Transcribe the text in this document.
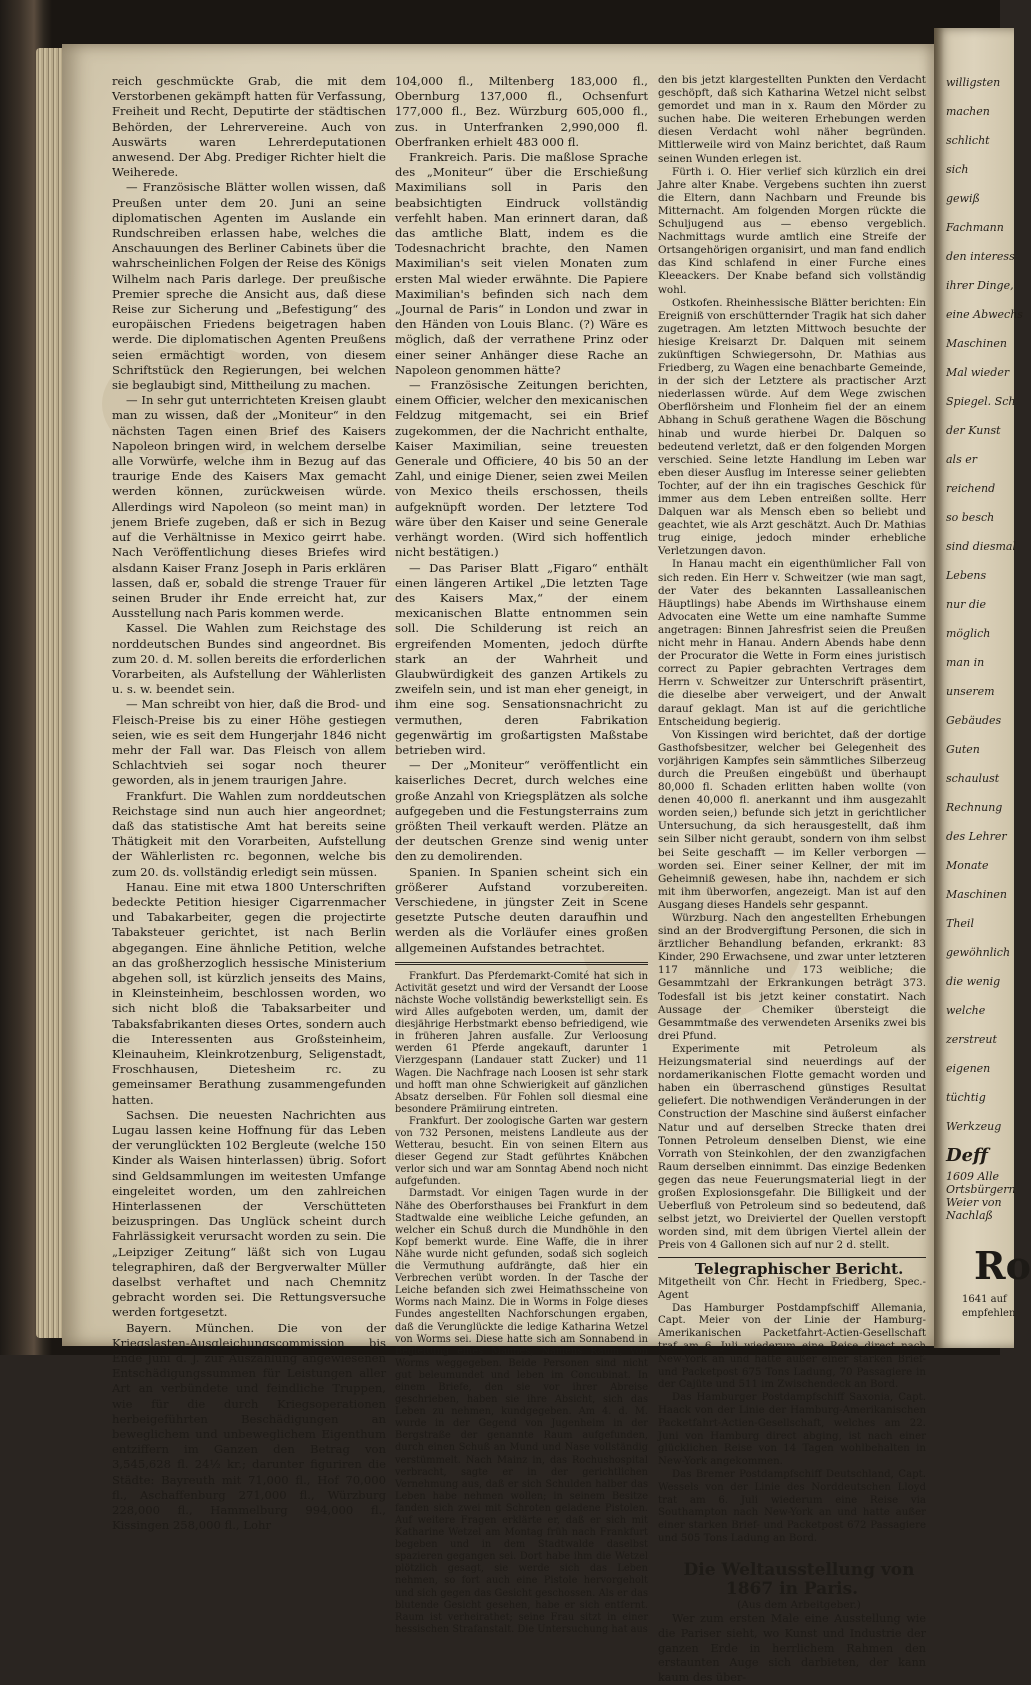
reich geschmückte Grab, die mit dem Verstorbenen gekämpft hatten für Verfassung, Freiheit und Recht, Deputirte der städtischen Behörden, der Lehrervereine. Auch von Auswärts waren Lehrerdeputationen anwesend. Der Abg. Prediger Richter hielt die Weiherede.

— Französische Blätter wollen wissen, daß Preußen unter dem 20. Juni an seine diplomatischen Agenten im Auslande ein Rundschreiben erlassen habe, welches die Anschauungen des Berliner Cabinets über die wahrscheinlichen Folgen der Reise des Königs Wilhelm nach Paris darlege. Der preußische Premier spreche die Ansicht aus, daß diese Reise zur Sicherung und „Befestigung“ des europäischen Friedens beigetragen haben werde. Die diplomatischen Agenten Preußens seien ermächtigt worden, von diesem Schriftstück den Regierungen, bei welchen sie beglaubigt sind, Mittheilung zu machen.

— In sehr gut unterrichteten Kreisen glaubt man zu wissen, daß der „Moniteur“ in den nächsten Tagen einen Brief des Kaisers Napoleon bringen wird, in welchem derselbe alle Vorwürfe, welche ihm in Bezug auf das traurige Ende des Kaisers Max gemacht werden können, zurückweisen würde. Allerdings wird Napoleon (so meint man) in jenem Briefe zugeben, daß er sich in Bezug auf die Verhältnisse in Mexico geirrt habe. Nach Veröffentlichung dieses Briefes wird alsdann Kaiser Franz Joseph in Paris erklären lassen, daß er, sobald die strenge Trauer für seinen Bruder ihr Ende erreicht hat, zur Ausstellung nach Paris kommen werde.

Kassel. Die Wahlen zum Reichstage des norddeutschen Bundes sind angeordnet. Bis zum 20. d. M. sollen bereits die erforderlichen Vorarbeiten, als Aufstellung der Wählerlisten u. s. w. beendet sein.

— Man schreibt von hier, daß die Brod- und Fleisch-Preise bis zu einer Höhe gestiegen seien, wie es seit dem Hungerjahr 1846 nicht mehr der Fall war. Das Fleisch von allem Schlachtvieh sei sogar noch theurer geworden, als in jenem traurigen Jahre.

Frankfurt. Die Wahlen zum norddeutschen Reichstage sind nun auch hier angeordnet; daß das statistische Amt hat bereits seine Thätigkeit mit den Vorarbeiten, Aufstellung der Wählerlisten rc. begonnen, welche bis zum 20. ds. vollständig erledigt sein müssen.

Hanau. Eine mit etwa 1800 Unterschriften bedeckte Petition hiesiger Cigarrenmacher und Tabakarbeiter, gegen die projectirte Tabaksteuer gerichtet, ist nach Berlin abgegangen. Eine ähnliche Petition, welche an das großherzoglich hessische Ministerium abgehen soll, ist kürzlich jenseits des Mains, in Kleinsteinheim, beschlossen worden, wo sich nicht bloß die Tabaksarbeiter und Tabaksfabrikanten dieses Ortes, sondern auch die Interessenten aus Großsteinheim, Kleinauheim, Kleinkrotzenburg, Seligenstadt, Froschhausen, Dietesheim rc. zu gemeinsamer Berathung zusammengefunden hatten.

Sachsen. Die neuesten Nachrichten aus Lugau lassen keine Hoffnung für das Leben der verunglückten 102 Bergleute (welche 150 Kinder als Waisen hinterlassen) übrig. Sofort sind Geldsammlungen im weitesten Umfange eingeleitet worden, um den zahlreichen Hinterlassenen der Verschütteten beizuspringen. Das Unglück scheint durch Fahrlässigkeit verursacht worden zu sein. Die „Leipziger Zeitung“ läßt sich von Lugau telegraphiren, daß der Bergverwalter Müller daselbst verhaftet und nach Chemnitz gebracht worden sei. Die Rettungsversuche werden fortgesetzt.

Bayern. München. Die von der Kriegslasten-Ausgleichungscommission bis Ende Juni d. J. zur Auszahlung angewiesenen Entschädigungssummen für Leistungen aller Art an verbündete und feindliche Truppen, wie für die durch Kriegsoperationen herbeigeführten Beschädigungen an beweglichem und unbeweglichem Eigenthum entziffern im Ganzen den Betrag von 3,545,628 fl. 24½ kr.; darunter figuriren die Städte: Bayreuth mit 71,000 fl., Hof 70,000 fl., Aschaffenburg 271,000 fl., Würzburg 228,000 fl., Hammelburg 994,000 fl., Kissingen 258,000 fl., Lohr

104,000 fl., Miltenberg 183,000 fl., Obernburg 137,000 fl., Ochsenfurt 177,000 fl., Bez. Würzburg 605,000 fl., zus. in Unterfranken 2,990,000 fl. Oberfranken erhielt 483 000 fl.

Frankreich. Paris. Die maßlose Sprache des „Moniteur“ über die Erschießung Maximilians soll in Paris den beabsichtigten Eindruck vollständig verfehlt haben. Man erinnert daran, daß das amtliche Blatt, indem es die Todesnachricht brachte, den Namen Maximilian's seit vielen Monaten zum ersten Mal wieder erwähnte. Die Papiere Maximilian's befinden sich nach dem „Journal de Paris“ in London und zwar in den Händen von Louis Blanc. (?) Wäre es möglich, daß der verrathene Prinz oder einer seiner Anhänger diese Rache an Napoleon genommen hätte?

— Französische Zeitungen berichten, einem Officier, welcher den mexicanischen Feldzug mitgemacht, sei ein Brief zugekommen, der die Nachricht enthalte, Kaiser Maximilian, seine treuesten Generale und Officiere, 40 bis 50 an der Zahl, und einige Diener, seien zwei Meilen von Mexico theils erschossen, theils aufgeknüpft worden. Der letztere Tod wäre über den Kaiser und seine Generale verhängt worden. (Wird sich hoffentlich nicht bestätigen.)

— Das Pariser Blatt „Figaro“ enthält einen längeren Artikel „Die letzten Tage des Kaisers Max,“ der einem mexicanischen Blatte entnommen sein soll. Die Schilderung ist reich an ergreifenden Momenten, jedoch dürfte stark an der Wahrheit und Glaubwürdigkeit des ganzen Artikels zu zweifeln sein, und ist man eher geneigt, in ihm eine sog. Sensationsnachricht zu vermuthen, deren Fabrikation gegenwärtig im großartigsten Maßstabe betrieben wird.

— Der „Moniteur“ veröffentlicht ein kaiserliches Decret, durch welches eine große Anzahl von Kriegsplätzen als solche aufgegeben und die Festungsterrains zum größten Theil verkauft werden. Plätze an der deutschen Grenze sind wenig unter den zu demolirenden.

Spanien. In Spanien scheint sich ein größerer Aufstand vorzubereiten. Verschiedene, in jüngster Zeit in Scene gesetzte Putsche deuten daraufhin und werden als die Vorläufer eines großen allgemeinen Aufstandes betrachtet.

Frankfurt. Das Pferdemarkt-Comité hat sich in Activität gesetzt und wird der Versandt der Loose nächste Woche vollständig bewerkstelligt sein. Es wird Alles aufgeboten werden, um, damit der diesjährige Herbstmarkt ebenso befriedigend, wie in früheren Jahren ausfalle. Zur Verloosung werden 61 Pferde angekauft, darunter 1 Vierzgespann (Landauer statt Zucker) und 11 Wagen. Die Nachfrage nach Loosen ist sehr stark und hofft man ohne Schwierigkeit auf gänzlichen Absatz derselben. Für Fohlen soll diesmal eine besondere Prämiirung eintreten.

Frankfurt. Der zoologische Garten war gestern von 732 Personen, meistens Landleute aus der Wetterau, besucht. Ein von seinen Eltern aus dieser Gegend zur Stadt geführtes Knäbchen verlor sich und war am Sonntag Abend noch nicht aufgefunden.

Darmstadt. Vor einigen Tagen wurde in der Nähe des Oberforsthauses bei Frankfurt in dem Stadtwalde eine weibliche Leiche gefunden, an welcher ein Schuß durch die Mundhöhle in den Kopf bemerkt wurde. Eine Waffe, die in ihrer Nähe wurde nicht gefunden, sodaß sich sogleich die Vermuthung aufdrängte, daß hier ein Verbrechen verübt worden. In der Tasche der Leiche befanden sich zwei Heimathsscheine von Worms nach Mainz. Die in Worms in Folge dieses Fundes angestellten Nachforschungen ergaben, daß die Verunglückte die ledige Katharina Wetzel von Worms sei. Diese hatte sich am Sonnabend in Begleitung eines Mannes, Namens Raum, von Worms weggegeben. Beide Personen sind nicht gut beleumundet und leben im Concubinat. In einem Briefe, den sie vor ihrer Abreise geschrieben, haben sie ihre Absicht, sich das Leben zu nehmen, kundgegeben. Am 4. d. M. wurde in der Gegend von Jugenheim in der Bergstraße der genannte Raum aufgefunden, durch einen Schuß an Mund und Nase vollständig verstümmelt. Nach Mainz in, das Rochushospital verbracht, sagte er in der gerichtlichen Vernehmung aus, daß er sich Schulden halber das Leben habe nehmen wollen; in seinem Besitze fanden sich zwei mit Schroten geladene Pistolen. Auf weitere Fragen erklärte er, daß er sich mit Katharine Wetzel am Montag früh nach Frankfurt begeben und in dem Stadtwalde daselbst spazieren gegangen sei. Dort habe ihm die Wetzel plötzlich gesagt, sie werde sich das Leben nehmen, so fort auch eine Pistole hervorgeholt und sich gegen das Gesicht geschossen. Als er das blutende Gesicht gesehen, habe er sich entfernt. Raum ist verheirathet; seine Frau sitzt in einer hessischen Strafanstalt. Die Untersuchung hat aus

den bis jetzt klargestellten Punkten den Verdacht geschöpft, daß sich Katharina Wetzel nicht selbst gemordet und man in x. Raum den Mörder zu suchen habe. Die weiteren Erhebungen werden diesen Verdacht wohl näher begründen. Mittlerweile wird von Mainz berichtet, daß Raum seinen Wunden erlegen ist.

Fürth i. O. Hier verlief sich kürzlich ein drei Jahre alter Knabe. Vergebens suchten ihn zuerst die Eltern, dann Nachbarn und Freunde bis Mitternacht. Am folgenden Morgen rückte die Schuljugend aus — ebenso vergeblich. Nachmittags wurde amtlich eine Streife der Ortsangehörigen organisirt, und man fand endlich das Kind schlafend in einer Furche eines Kleeackers. Der Knabe befand sich vollständig wohl.

Ostkofen. Rheinhessische Blätter berichten: Ein Ereigniß von erschütternder Tragik hat sich daher zugetragen. Am letzten Mittwoch besuchte der hiesige Kreisarzt Dr. Dalquen mit seinem zukünftigen Schwiegersohn, Dr. Mathias aus Friedberg, zu Wagen eine benachbarte Gemeinde, in der sich der Letztere als practischer Arzt niederlassen würde. Auf dem Wege zwischen Oberflörsheim und Flonheim fiel der an einem Abhang in Schuß gerathene Wagen die Böschung hinab und wurde hierbei Dr. Dalquen so bedeutend verletzt, daß er den folgenden Morgen verschied. Seine letzte Handlung im Leben war eben dieser Ausflug im Interesse seiner geliebten Tochter, auf der ihn ein tragisches Geschick für immer aus dem Leben entreißen sollte. Herr Dalquen war als Mensch eben so beliebt und geachtet, wie als Arzt geschätzt. Auch Dr. Mathias trug einige, jedoch minder erhebliche Verletzungen davon.

In Hanau macht ein eigenthümlicher Fall von sich reden. Ein Herr v. Schweitzer (wie man sagt, der Vater des bekannten Lassalleanischen Häuptlings) habe Abends im Wirthshause einem Advocaten eine Wette um eine namhafte Summe angetragen: Binnen Jahresfrist seien die Preußen nicht mehr in Hanau. Andern Abends habe denn der Procurator die Wette in Form eines juristisch correct zu Papier gebrachten Vertrages dem Herrn v. Schweitzer zur Unterschrift präsentirt, die dieselbe aber verweigert, und der Anwalt darauf geklagt. Man ist auf die gerichtliche Entscheidung begierig.

Von Kissingen wird berichtet, daß der dortige Gasthofsbesitzer, welcher bei Gelegenheit des vorjährigen Kampfes sein sämmtliches Silberzeug durch die Preußen eingebüßt und überhaupt 80,000 fl. Schaden erlitten haben wollte (von denen 40,000 fl. anerkannt und ihm ausgezahlt worden seien,) befunde sich jetzt in gerichtlicher Untersuchung, da sich herausgestellt, daß ihm sein Silber nicht geraubt, sondern von ihm selbst bei Seite geschafft — im Keller verborgen — worden sei. Einer seiner Kellner, der mit im Geheimniß gewesen, habe ihn, nachdem er sich mit ihm überworfen, angezeigt. Man ist auf den Ausgang dieses Handels sehr gespannt.

Würzburg. Nach den angestellten Erhebungen sind an der Brodvergiftung Personen, die sich in ärztlicher Behandlung befanden, erkrankt: 83 Kinder, 290 Erwachsene, und zwar unter letzteren 117 männliche und 173 weibliche; die Gesammtzahl der Erkrankungen beträgt 373. Todesfall ist bis jetzt keiner constatirt. Nach Aussage der Chemiker übersteigt die Gesammtmaße des verwendeten Arseniks zwei bis drei Pfund.

Experimente mit Petroleum als Heizungsmaterial sind neuerdings auf der nordamerikanischen Flotte gemacht worden und haben ein überraschend günstiges Resultat geliefert. Die nothwendigen Veränderungen in der Construction der Maschine sind äußerst einfacher Natur und auf derselben Strecke thaten drei Tonnen Petroleum denselben Dienst, wie eine Vorrath von Steinkohlen, der den zwanzigfachen Raum derselben einnimmt. Das einzige Bedenken gegen das neue Feuerungsmaterial liegt in der großen Explosionsgefahr. Die Billigkeit und der Ueberfluß von Petroleum sind so bedeutend, daß selbst jetzt, wo Dreiviertel der Quellen verstopft worden sind, mit dem übrigen Viertel allein der Preis von 4 Gallonen sich auf nur 2 d. stellt.

Telegraphischer Bericht.

Mitgetheilt von Chr. Hecht in Friedberg, Spec.-Agent

Das Hamburger Postdampfschiff Allemania, Capt. Meier von der Linie der Hamburg-Amerikanischen Packetfahrt-Actien-Gesellschaft traf am 6. Juli wiederum eine Reise direct nach New-York an und hatte außer einer starken Brief- und Packetpost 675 Tons Ladung, 70 Passagiere in der Cajüte und 511 im Zwischendeck an Bord.

Das Hamburger Postdampfschiff Saxonia, Capt. Haack von der Linie der Hamburg-Amerikanischen Packetfahrt-Actien-Gesellschaft, welches am 22. Juni von Hamburg direct abging, ist nach einer glücklichen Reise von 14 Tagen wohlbehalten in New-York angekommen.

Das Bremer Postdampfschiff Deutschland, Capt. Wessels von der Linie des Norddeutschen Lloyd trat am 6. Juli wiederum eine Reise via Southampton nach New-York an und hatte außer einer starken Brief- und Packetpost 672 Passagiere und 505 Tons Ladung an Bord.

Die Weltausstellung von 1867 in Paris.

(Aus dem Arbeitgeber.)

Wer zum ersten Male eine Ausstellung wie die Pariser sieht, wo Kunst und Industrie der ganzen Erde in herrlichem Rahmen den erstaunten Auge sich darbieten, der kann kaum des über-

willigsten
machen
schlicht
sich
gewiß
Fachmann
den interess
ihrer Dinge,
eine Abwechs
Maschinen
Mal wieder
Spiegel. Sch
der Kunst
als er
reichend
so besch
sind diesmal
Lebens
nur die
möglich
man in
unserem
Gebäudes
Guten
schaulust
Rechnung
des Lehrer
Monate
Maschinen
Theil
gewöhnlich
die wenig
welche
zerstreut
eigenen
tüchtig
Werkzeug
Deff
1609 Alle
Ortsbürgern
Weier von
Nachlaß
Ro
1641 auf
empfehlen
